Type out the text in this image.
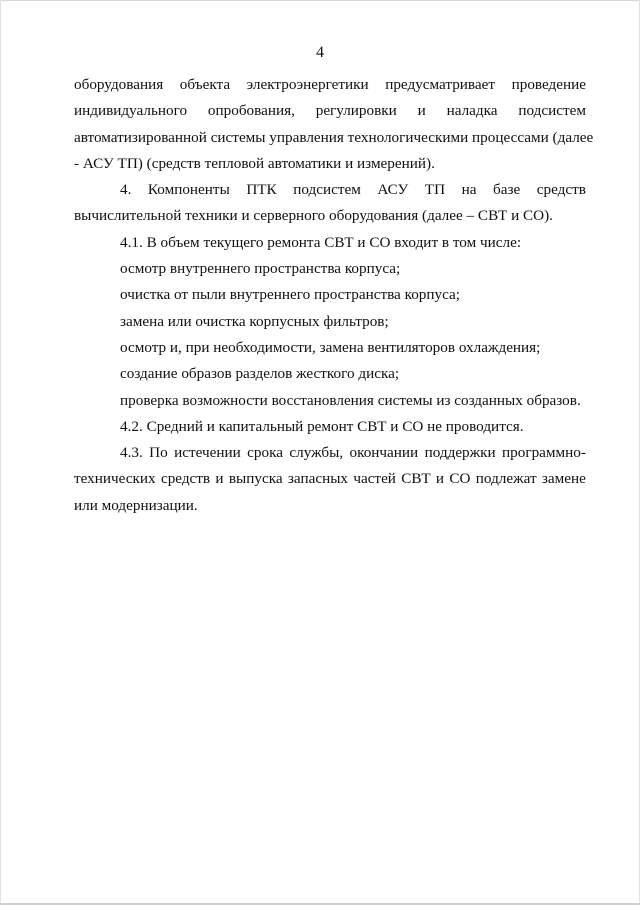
4
оборудования объекта электроэнергетики предусматривает проведение
индивидуального опробования, регулировки и наладка подсистем
автоматизированной системы управления технологическими процессами (далее
- АСУ ТП) (средств тепловой автоматики и измерений).
4. Компоненты ПТК подсистем АСУ ТП на базе средств
вычислительной техники и серверного оборудования (далее – СВТ и СО).
4.1. В объем текущего ремонта СВТ и СО входит в том числе:
осмотр внутреннего пространства корпуса;
очистка от пыли внутреннего пространства корпуса;
замена или очистка корпусных фильтров;
осмотр и, при необходимости, замена вентиляторов охлаждения;
создание образов разделов жесткого диска;
проверка возможности восстановления системы из созданных образов.
4.2. Средний и капитальный ремонт СВТ и СО не проводится.
4.3. По истечении срока службы, окончании поддержки программно-
технических средств и выпуска запасных частей СВТ и СО подлежат замене
или модернизации.
